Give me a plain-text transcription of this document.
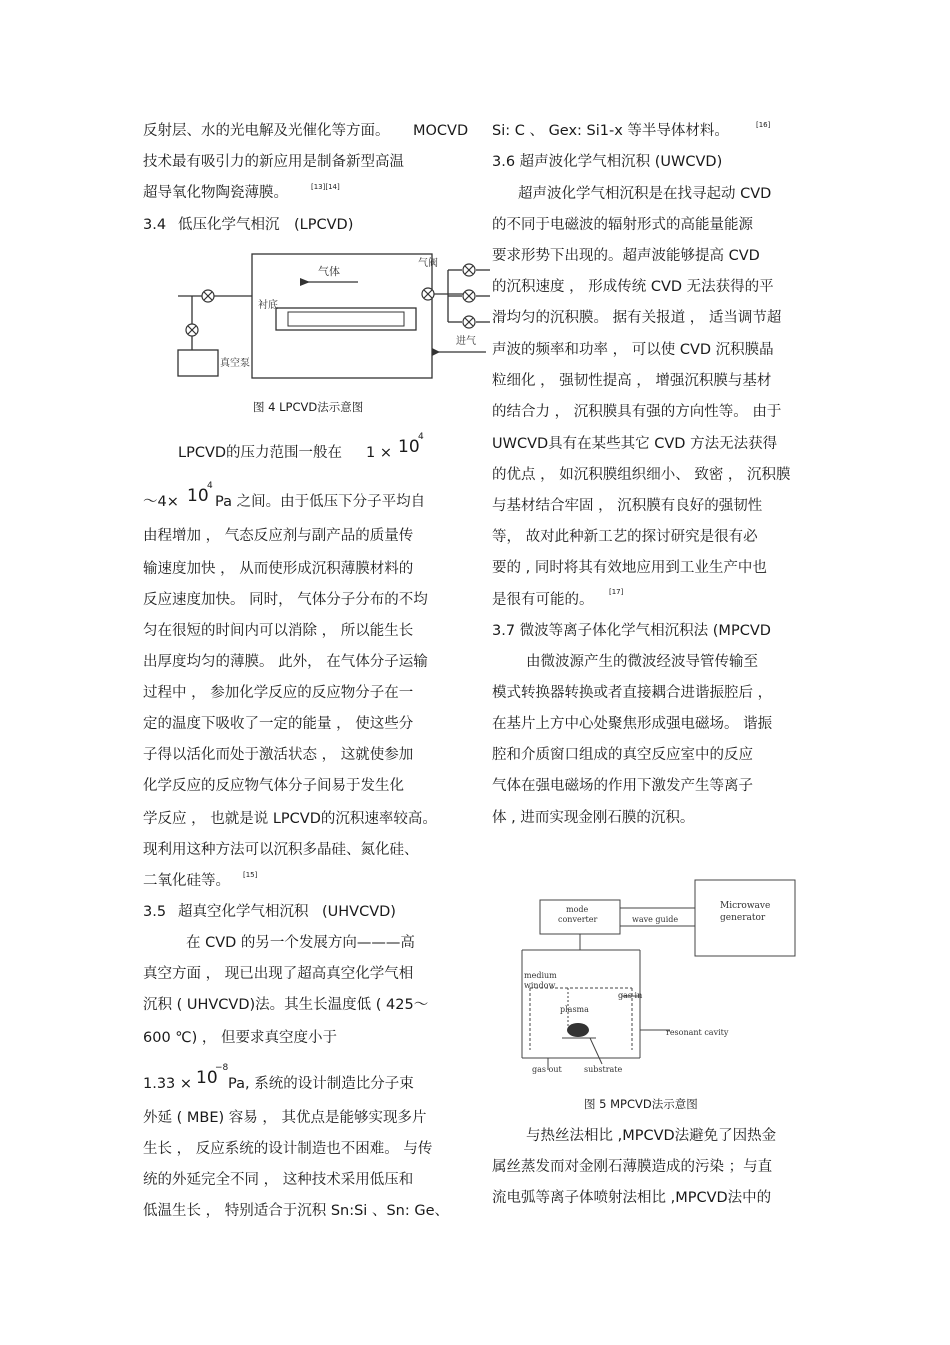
反射层、水的光电解及光催化等方面。 MOCVD
技术最有吸引力的新应用是制备新型高温
超导氧化物陶瓷薄膜。	[13][14]
3.4 低压化学气相沉 (LPCVD)
气体
气阀
衬底
真空泵
进气
图 4 LPCVD法示意图
LPCVD的压力范围一般在 1 × 10
4
～4× 10
4
Pa 之间。由于低压下分子平均自
由程增加 ， 气态反应剂与副产品的质量传
输速度加快 ， 从而使形成沉积薄膜材料的
反应速度加快。 同时， 气体分子分布的不均
匀在很短的时间内可以消除 ， 所以能生长
出厚度均匀的薄膜。 此外， 在气体分子运输
过程中 ， 参加化学反应的反应物分子在一
定的温度下吸收了一定的能量 ， 使这些分
子得以活化而处于激活状态 ， 这就使参加
化学反应的反应物气体分子间易于发生化
学反应 ， 也就是说 LPCVD的沉积速率较高。
现利用这种方法可以沉积多晶硅、氮化硅、
二氧化硅等。 [15]
3.5 超真空化学气相沉积 (UHVCVD)
在 CVD 的另一个发展方向———高
真空方面 ， 现已出现了超高真空化学气相
沉积 ( UHVCVD)法。其生长温度低 ( 425～
600 ℃) ， 但要求真空度小于
1.33 × 10
−8
Pa, 系统的设计制造比分子束
外延 ( MBE) 容易 ， 其优点是能够实现多片
生长 ， 反应系统的设计制造也不困难。 与传
统的外延完全不同 ， 这种技术采用低压和
低温生长 ， 特别适合于沉积 Sn:Si 、Sn: Ge、
Si: C 、 Gex: Si1-x 等半导体材料。	[16]
3.6 超声波化学气相沉积 (UWCVD)
超声波化学气相沉积是在找寻起动 CVD
的不同于电磁波的辐射形式的高能量能源
要求形势下出现的。超声波能够提高 CVD
的沉积速度 ， 形成传统 CVD 无法获得的平
滑均匀的沉积膜。 据有关报道 ， 适当调节超
声波的频率和功率 ， 可以使 CVD 沉积膜晶
粒细化 ， 强韧性提高 ， 增强沉积膜与基材
的结合力 ， 沉积膜具有强的方向性等。 由于
UWCVD具有在某些其它 CVD 方法无法获得
的优点 ， 如沉积膜组织细小、 致密 ， 沉积膜
与基材结合牢固 ， 沉积膜有良好的强韧性
等， 故对此种新工艺的探讨研究是很有必
要的 , 同时将其有效地应用到工业生产中也
是很有可能的。 [17]
3.7 微波等离子体化学气相沉积法 (MPCVD
由微波源产生的微波经波导管传输至
模式转换器转换或者直接耦合进谐振腔后 ，
在基片上方中心处聚焦形成强电磁场。 谐振
腔和介质窗口组成的真空反应室中的反应
气体在强电磁场的作用下激发产生等离子
体 , 进而实现金刚石膜的沉积。
mode
converter	wave guide
Microwave
generator
medium
window
gas in
plasma
resonant cavity
gas out	substrate
图 5 MPCVD法示意图
与热丝法相比 ,MPCVD法避免了因热金
属丝蒸发而对金刚石薄膜造成的污染 ；与直
流电弧等离子体喷射法相比 ,MPCVD法中的
